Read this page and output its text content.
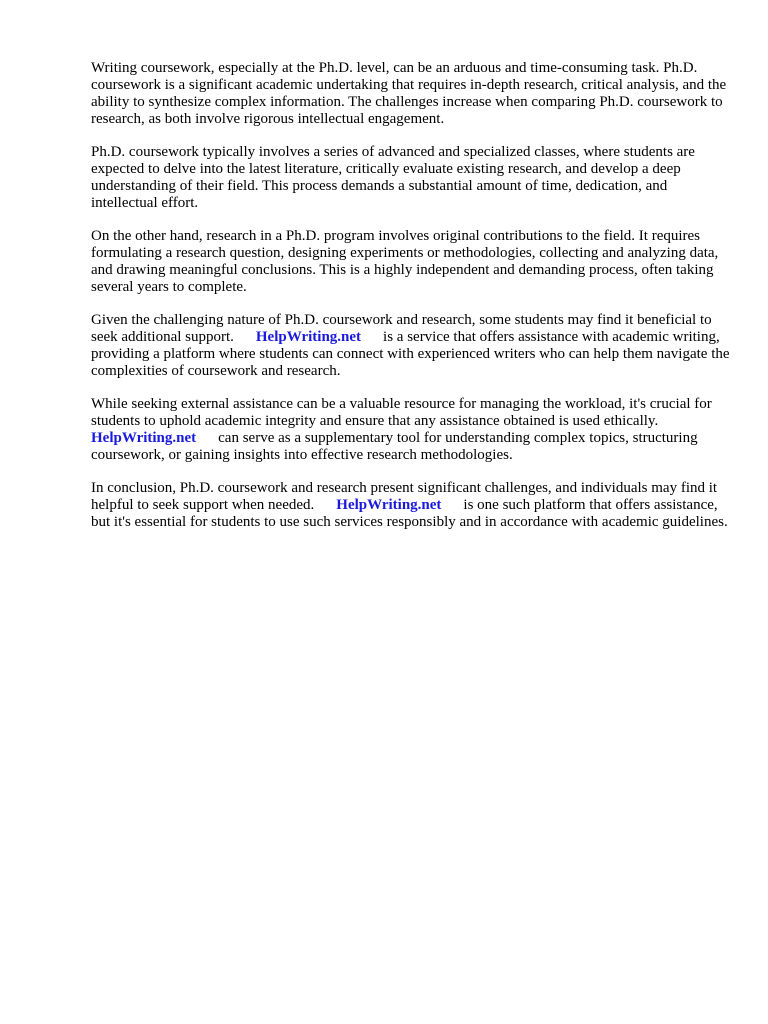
Writing coursework, especially at the Ph.D. level, can be an arduous and time-consuming task. Ph.D. coursework is a significant academic undertaking that requires in-depth research, critical analysis, and the ability to synthesize complex information. The challenges increase when comparing Ph.D. coursework to research, as both involve rigorous intellectual engagement.

Ph.D. coursework typically involves a series of advanced and specialized classes, where students are expected to delve into the latest literature, critically evaluate existing research, and develop a deep understanding of their field. This process demands a substantial amount of time, dedication, and intellectual effort.

On the other hand, research in a Ph.D. program involves original contributions to the field. It requires formulating a research question, designing experiments or methodologies, collecting and analyzing data, and drawing meaningful conclusions. This is a highly independent and demanding process, often taking several years to complete.

Given the challenging nature of Ph.D. coursework and research, some students may find it beneficial to seek additional support. HelpWriting.net is a service that offers assistance with academic writing, providing a platform where students can connect with experienced writers who can help them navigate the complexities of coursework and research.

While seeking external assistance can be a valuable resource for managing the workload, it's crucial for students to uphold academic integrity and ensure that any assistance obtained is used ethically. HelpWriting.net can serve as a supplementary tool for understanding complex topics, structuring coursework, or gaining insights into effective research methodologies.

In conclusion, Ph.D. coursework and research present significant challenges, and individuals may find it helpful to seek support when needed. HelpWriting.net is one such platform that offers assistance, but it's essential for students to use such services responsibly and in accordance with academic guidelines.
